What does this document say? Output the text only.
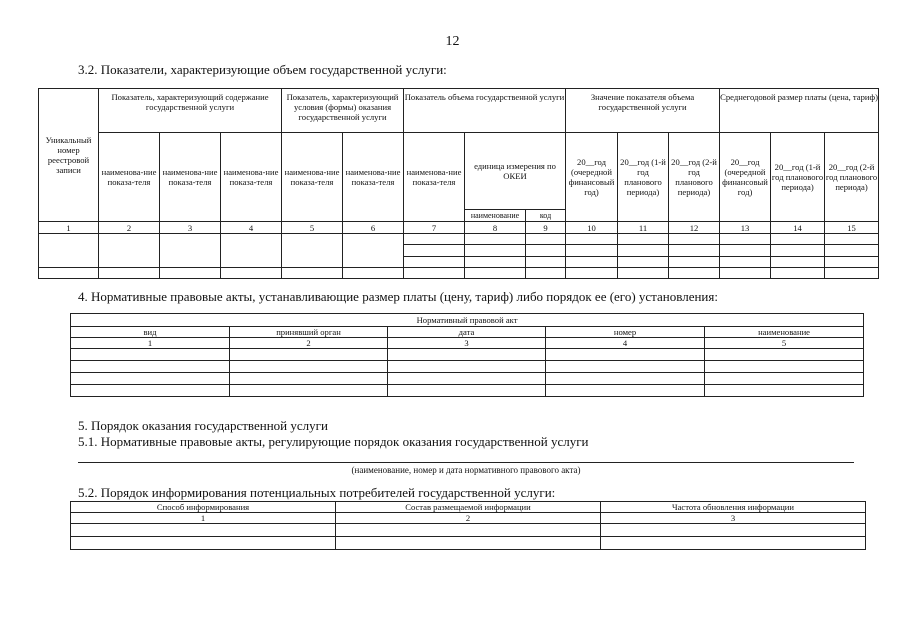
12
3.2. Показатели, характеризующие объем государственной услуги:
Уникальный номер реестровой записи	Показатель, характеризующий содержание государственной услуги			Показатель, характеризующий условия (формы) оказания государственной услуги		Показатель объема государственной услуги			Значение показателя объема государственной услуги			Среднегодовой размер платы (цена, тариф)		
	наименова-ние показа-теля	наименова-ние показа-теля	наименова-ние показа-теля	наименова-ние показа-теля	наименова-ние показа-теля	наименова-ние показа-теля	единица измерения по ОКЕИ		20__год (очередной финансовый год)	20__год (1-й год планового периода)	20__год (2-й год планового периода)	20__год (очередной финансовый год)	20__год (1-й год планового периода)	20__год (2-й год планового периода)
							наименование	код						
1	2	3	4	5	6	7	8	9	10	11	12	13	14	15

4. Нормативные правовые акты, устанавливающие размер платы (цену, тариф) либо порядок ее (его) установления:
Нормативный правовой акт				
вид	принявший орган	дата	номер	наименование
1	2	3	4	5

5. Порядок оказания государственной услуги
5.1. Нормативные правовые акты, регулирующие порядок оказания государственной услуги
(наименование, номер и дата нормативного правового акта)
5.2. Порядок информирования потенциальных потребителей государственной услуги:
Способ информирования	Состав размещаемой информации	Частота обновления информации
1	2	3
